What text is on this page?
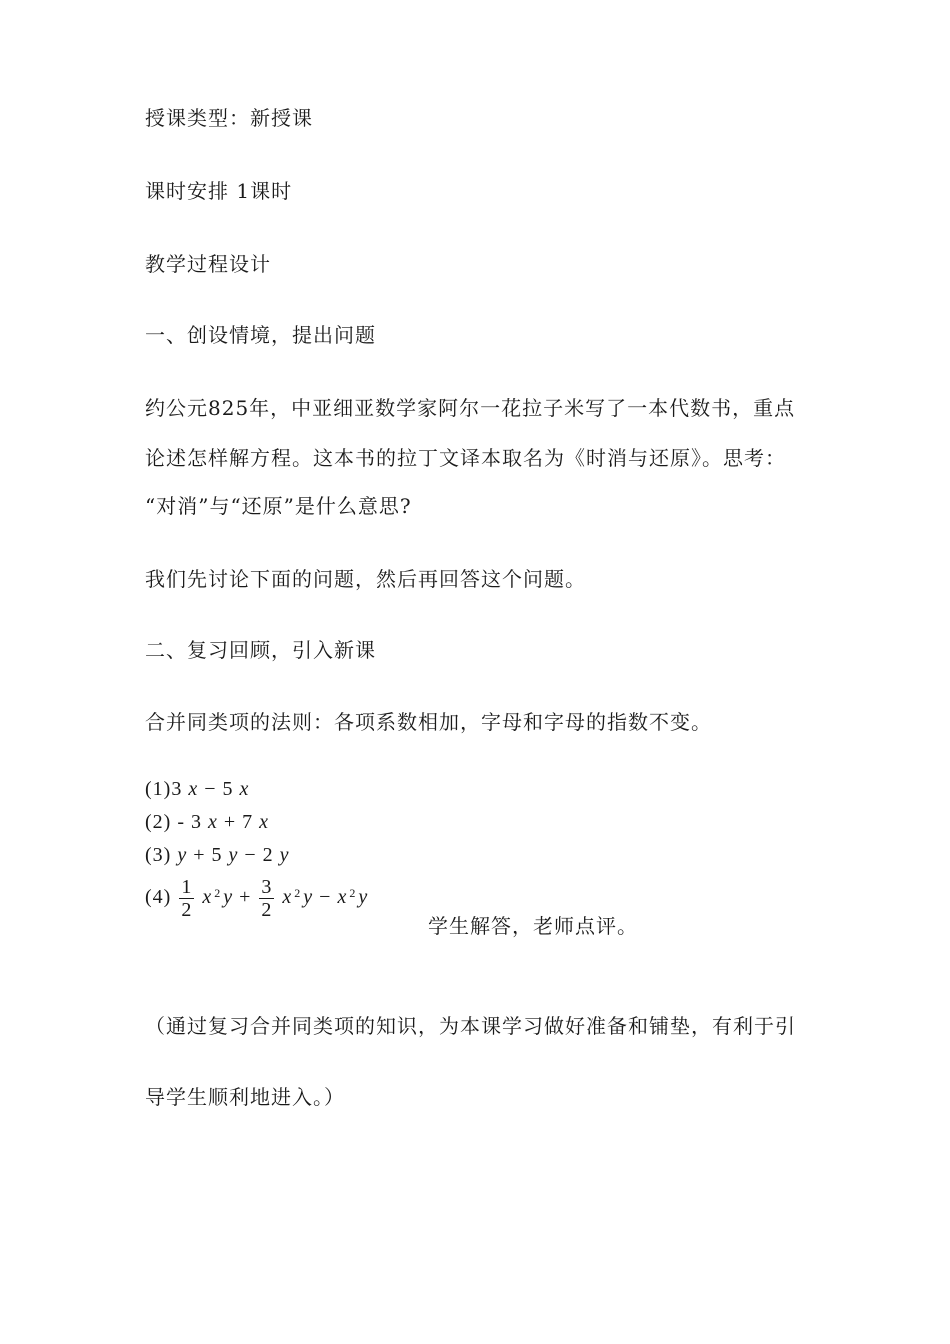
授课类型：新授课
课时安排 1课时
教学过程设计
一、创设情境，提出问题
约公元825年，中亚细亚数学家阿尔一花拉子米写了一本代数书，重点
论述怎样解方程。这本书的拉丁文译本取名为《时消与还原》。思考：
“对消”与“还原”是什么意思?
我们先讨论下面的问题，然后再回答这个问题。
二、复习回顾，引入新课
合并同类项的法则：各项系数相加，字母和字母的指数不变。
(1)3 x − 5 x
(2) - 3 x + 7 x
(3) y + 5 y − 2 y
$(4) \frac{1}{2}$ x $^2$ $y + \frac{3}{2}$ x $^2$ y − x $^2$ y
学生解答，老师点评。
（通过复习合并同类项的知识，为本课学习做好准备和铺垫，有利于引
导学生顺利地进入。）
